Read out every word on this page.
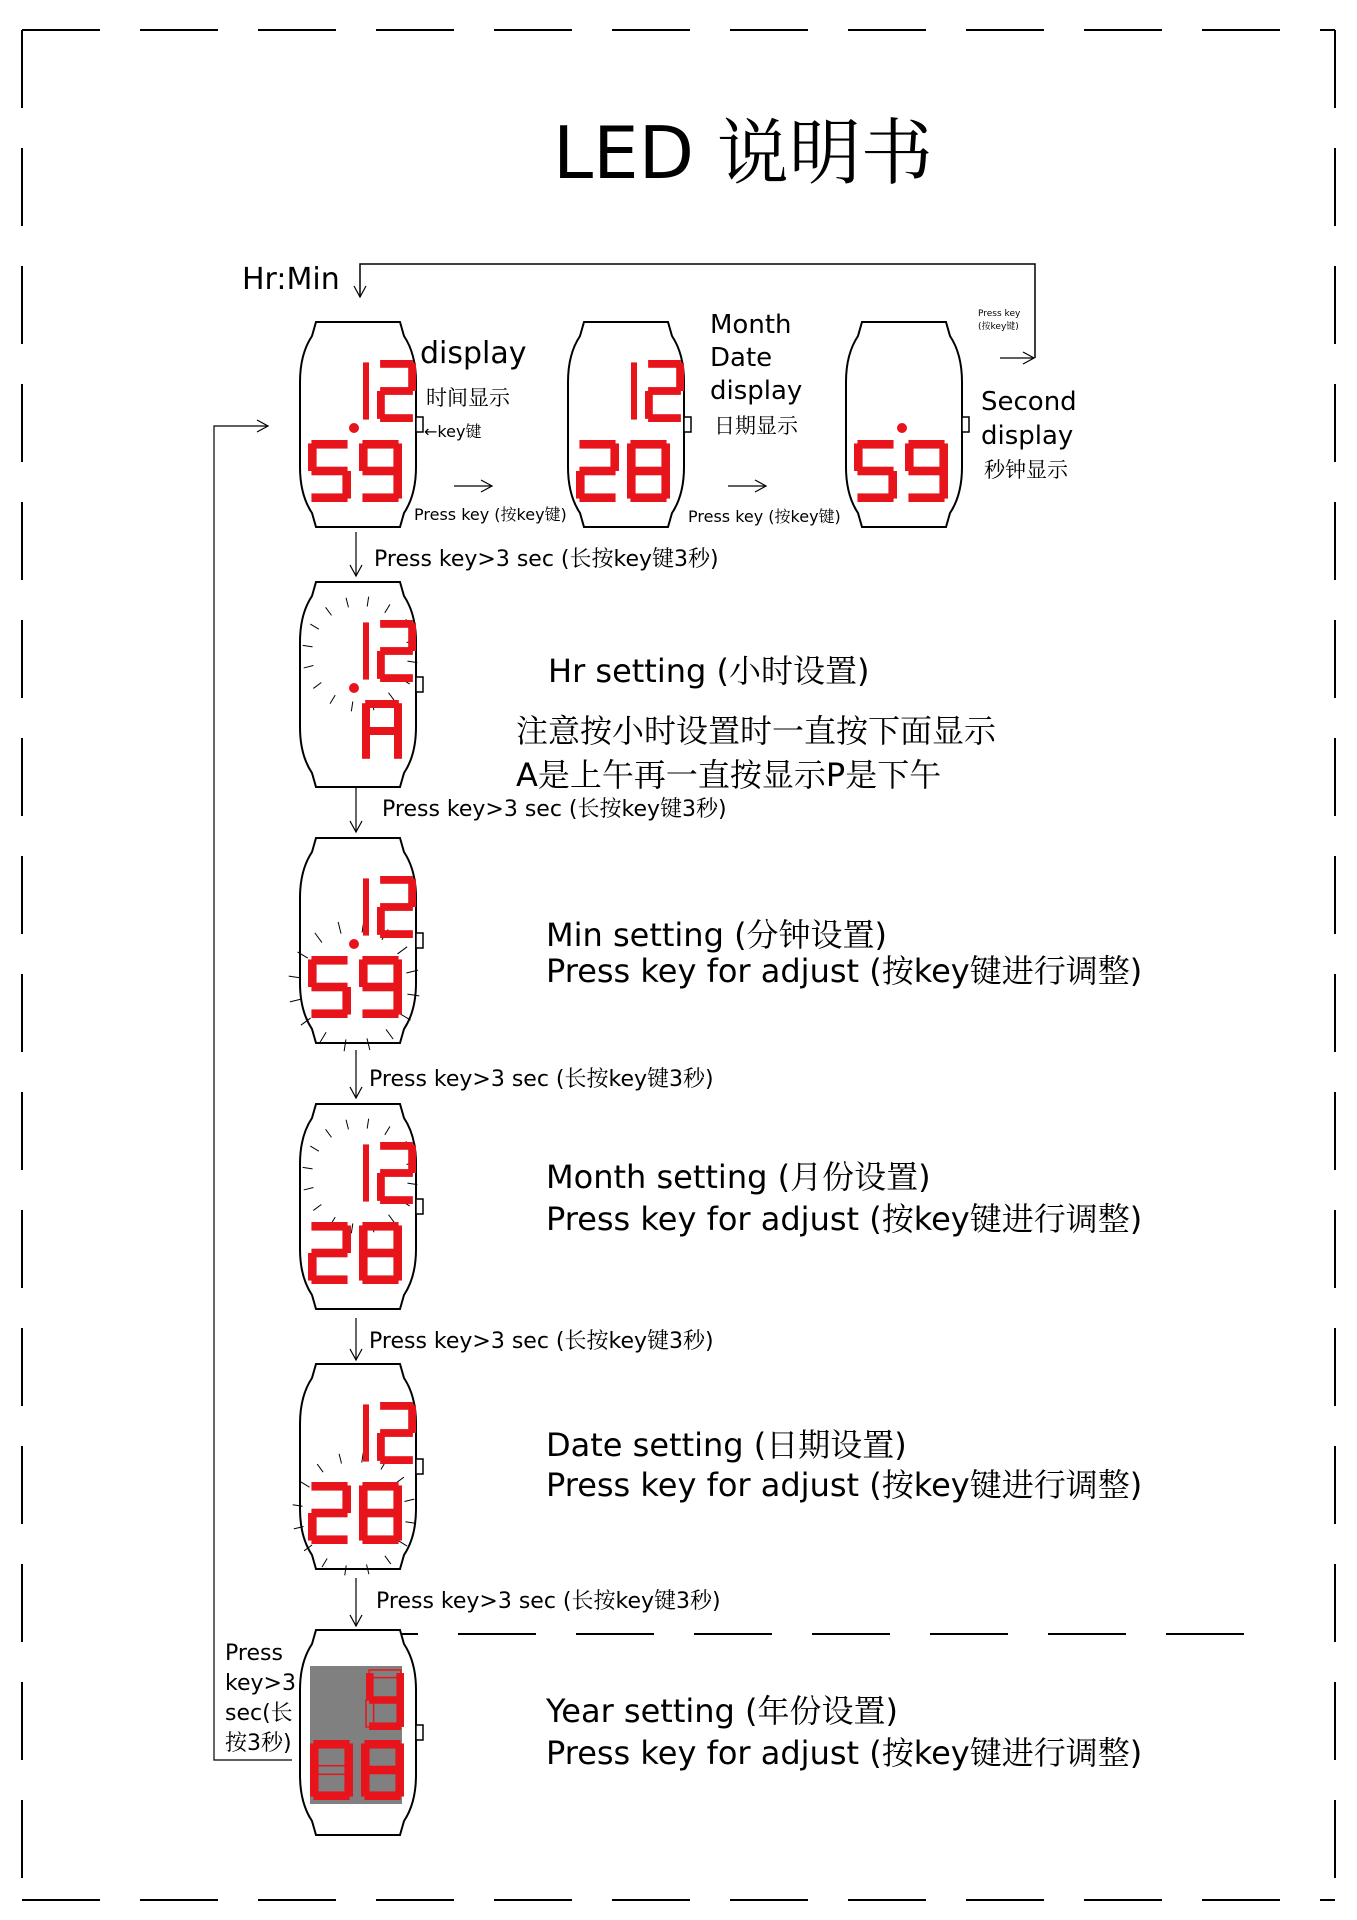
LED 说明书
Hr:Min
Press key
(按key键)
display
时间显示
←key键
Press key (按key键)
Month
Date
display
日期显示
Press key (按key键)
Second
display
秒钟显示
Press key>3 sec (长按key键3秒)
Press key>3 sec (长按key键3秒)
Press key>3 sec (长按key键3秒)
Press key>3 sec (长按key键3秒)
Press key>3 sec (长按key键3秒)
Hr setting (小时设置)
注意按小时设置时一直按下面显示
A是上午再一直按显示P是下午
Min setting (分钟设置)
Press key for adjust (按key键进行调整)
Month setting (月份设置)
Press key for adjust (按key键进行调整)
Date setting (日期设置)
Press key for adjust (按key键进行调整)
Year setting (年份设置)
Press key for adjust (按key键进行调整)
Press
key>3
sec(长
按3秒)
